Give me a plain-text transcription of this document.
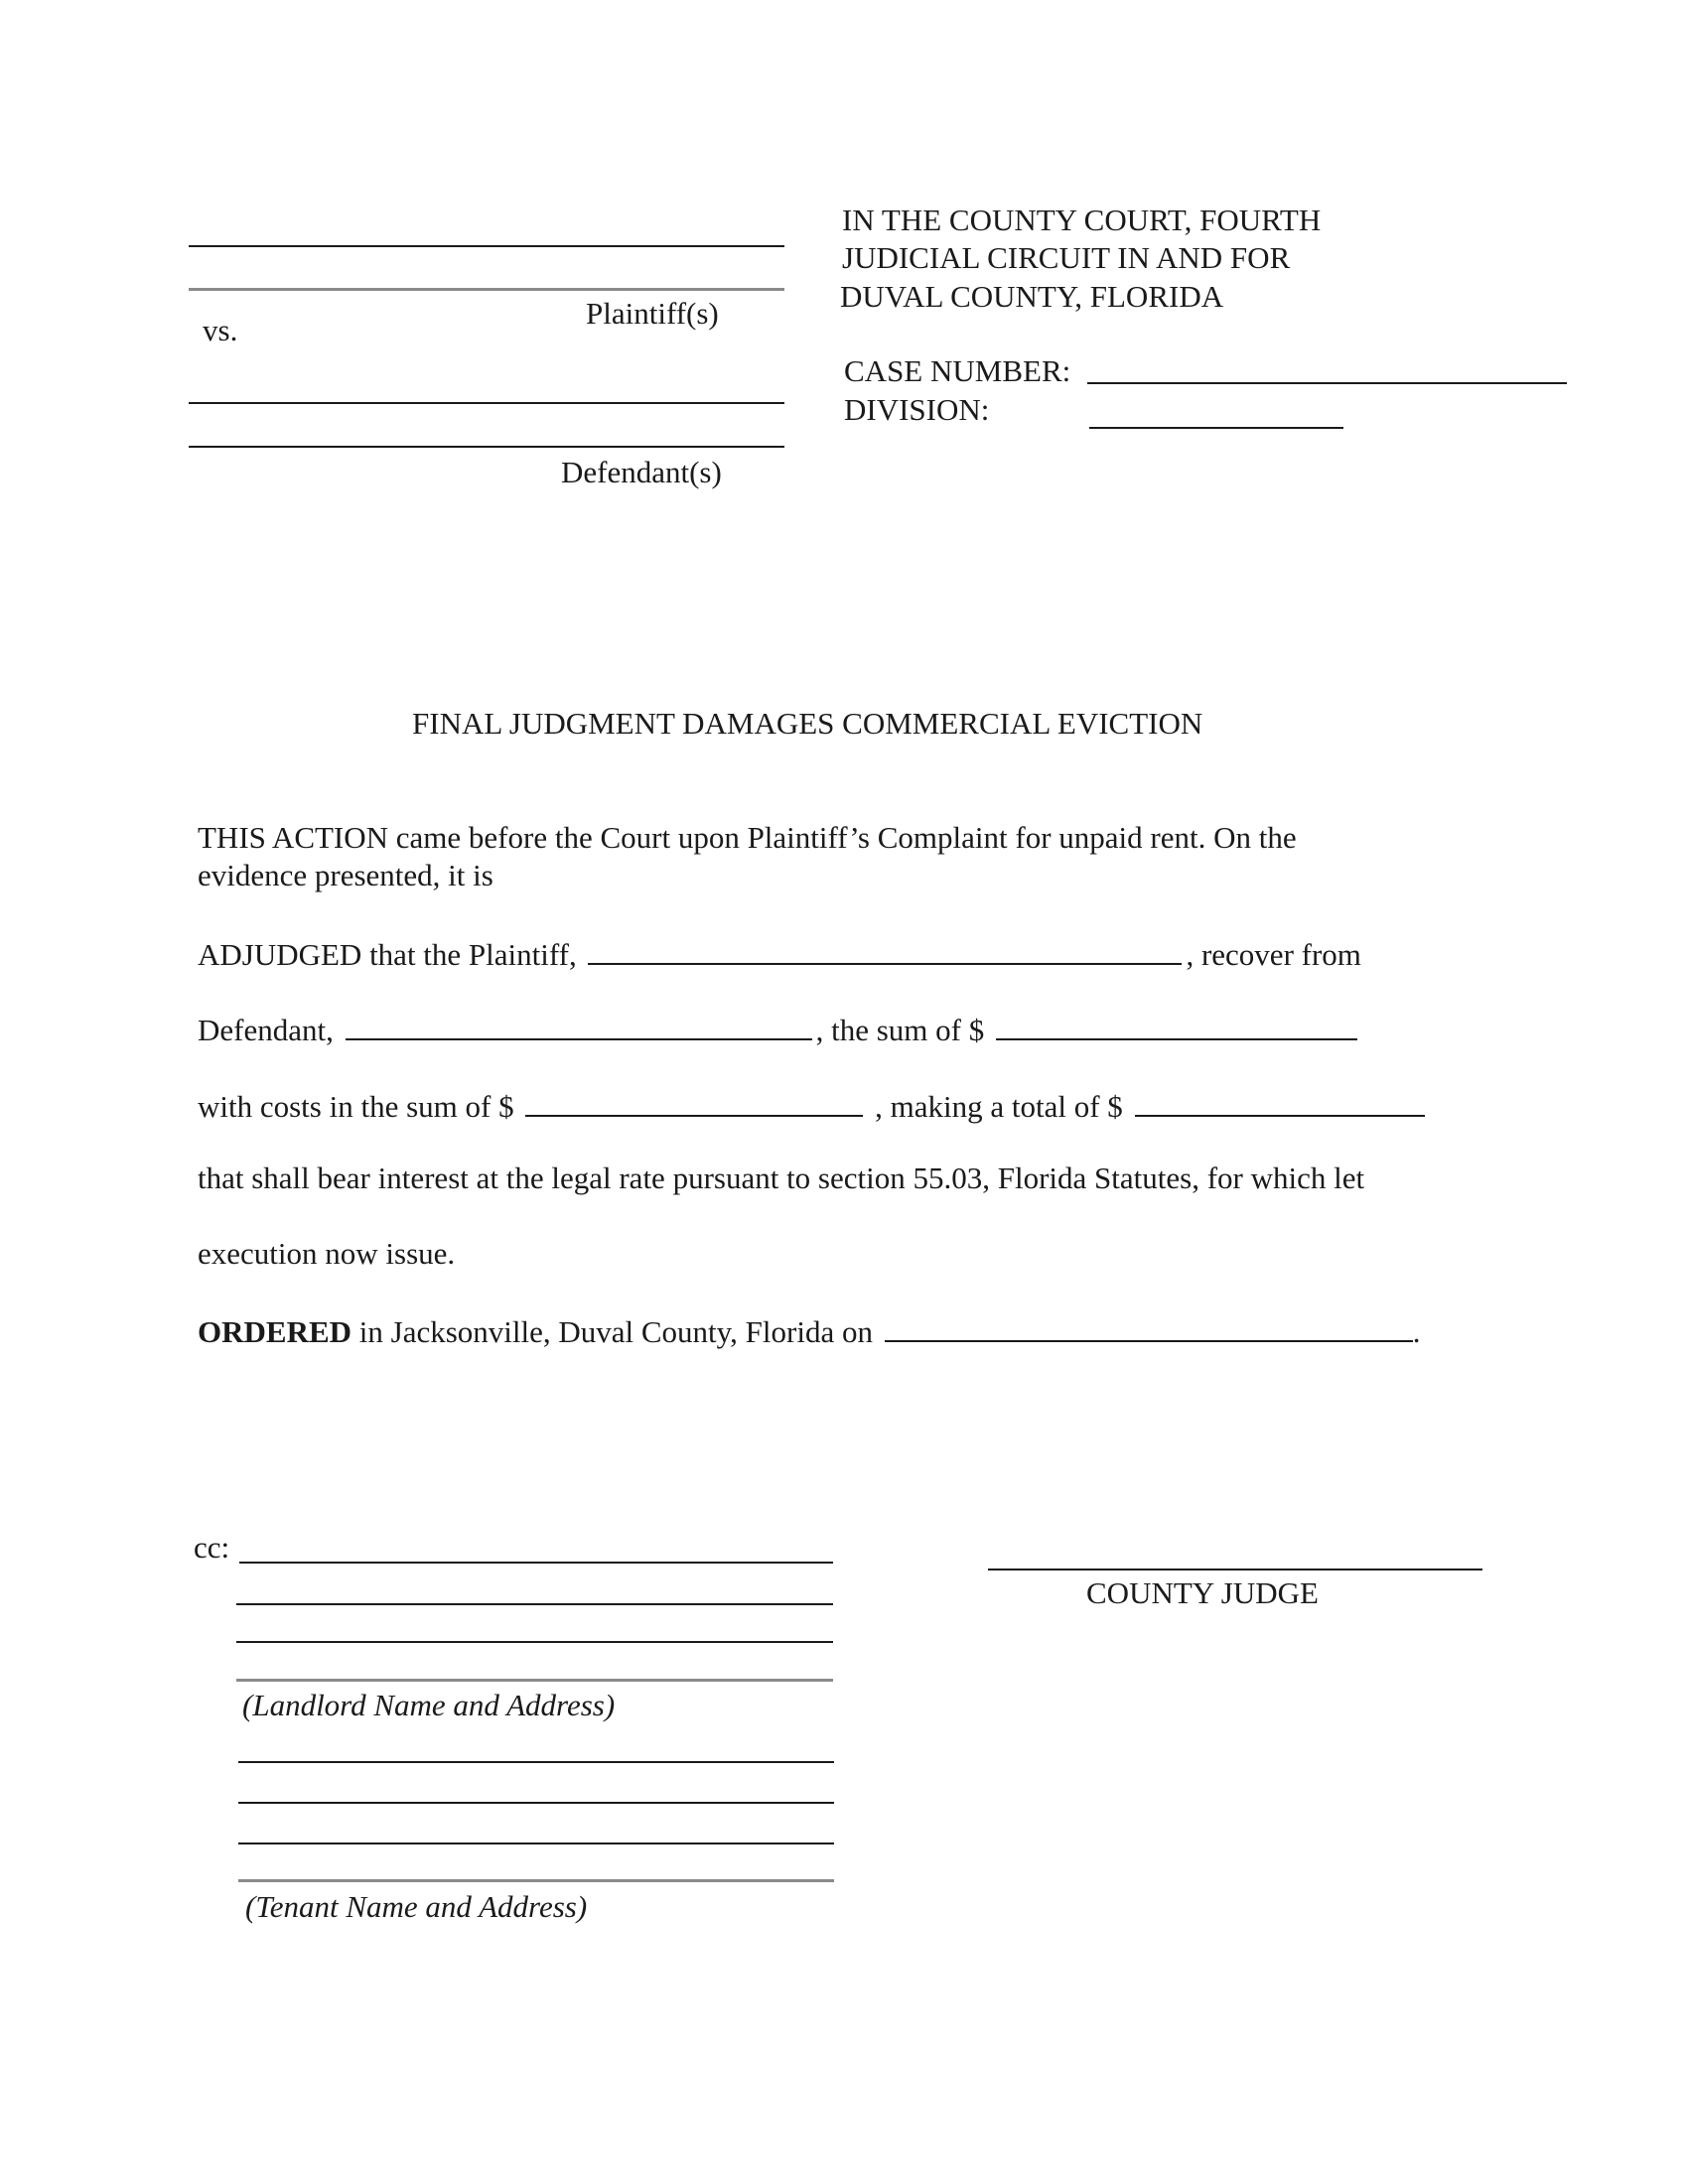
vs.	Plaintiff(s)
Defendant(s)
IN THE COUNTY COURT, FOURTH
JUDICIAL CIRCUIT IN AND FOR
DUVAL COUNTY, FLORIDA
CASE NUMBER:
DIVISION:
FINAL JUDGMENT DAMAGES COMMERCIAL EVICTION
THIS ACTION came before the Court upon Plaintiff’s Complaint for unpaid rent. On the
evidence presented, it is
ADJUDGED that the Plaintiff,	, recover from
Defendant,	, the sum of $
with costs in the sum of $	, making a total of $
that shall bear interest at the legal rate pursuant to section 55.03, Florida Statutes, for which let
execution now issue.
ORDERED in Jacksonville, Duval County, Florida on	.
cc:
(Landlord Name and Address)
(Tenant Name and Address)
COUNTY JUDGE
